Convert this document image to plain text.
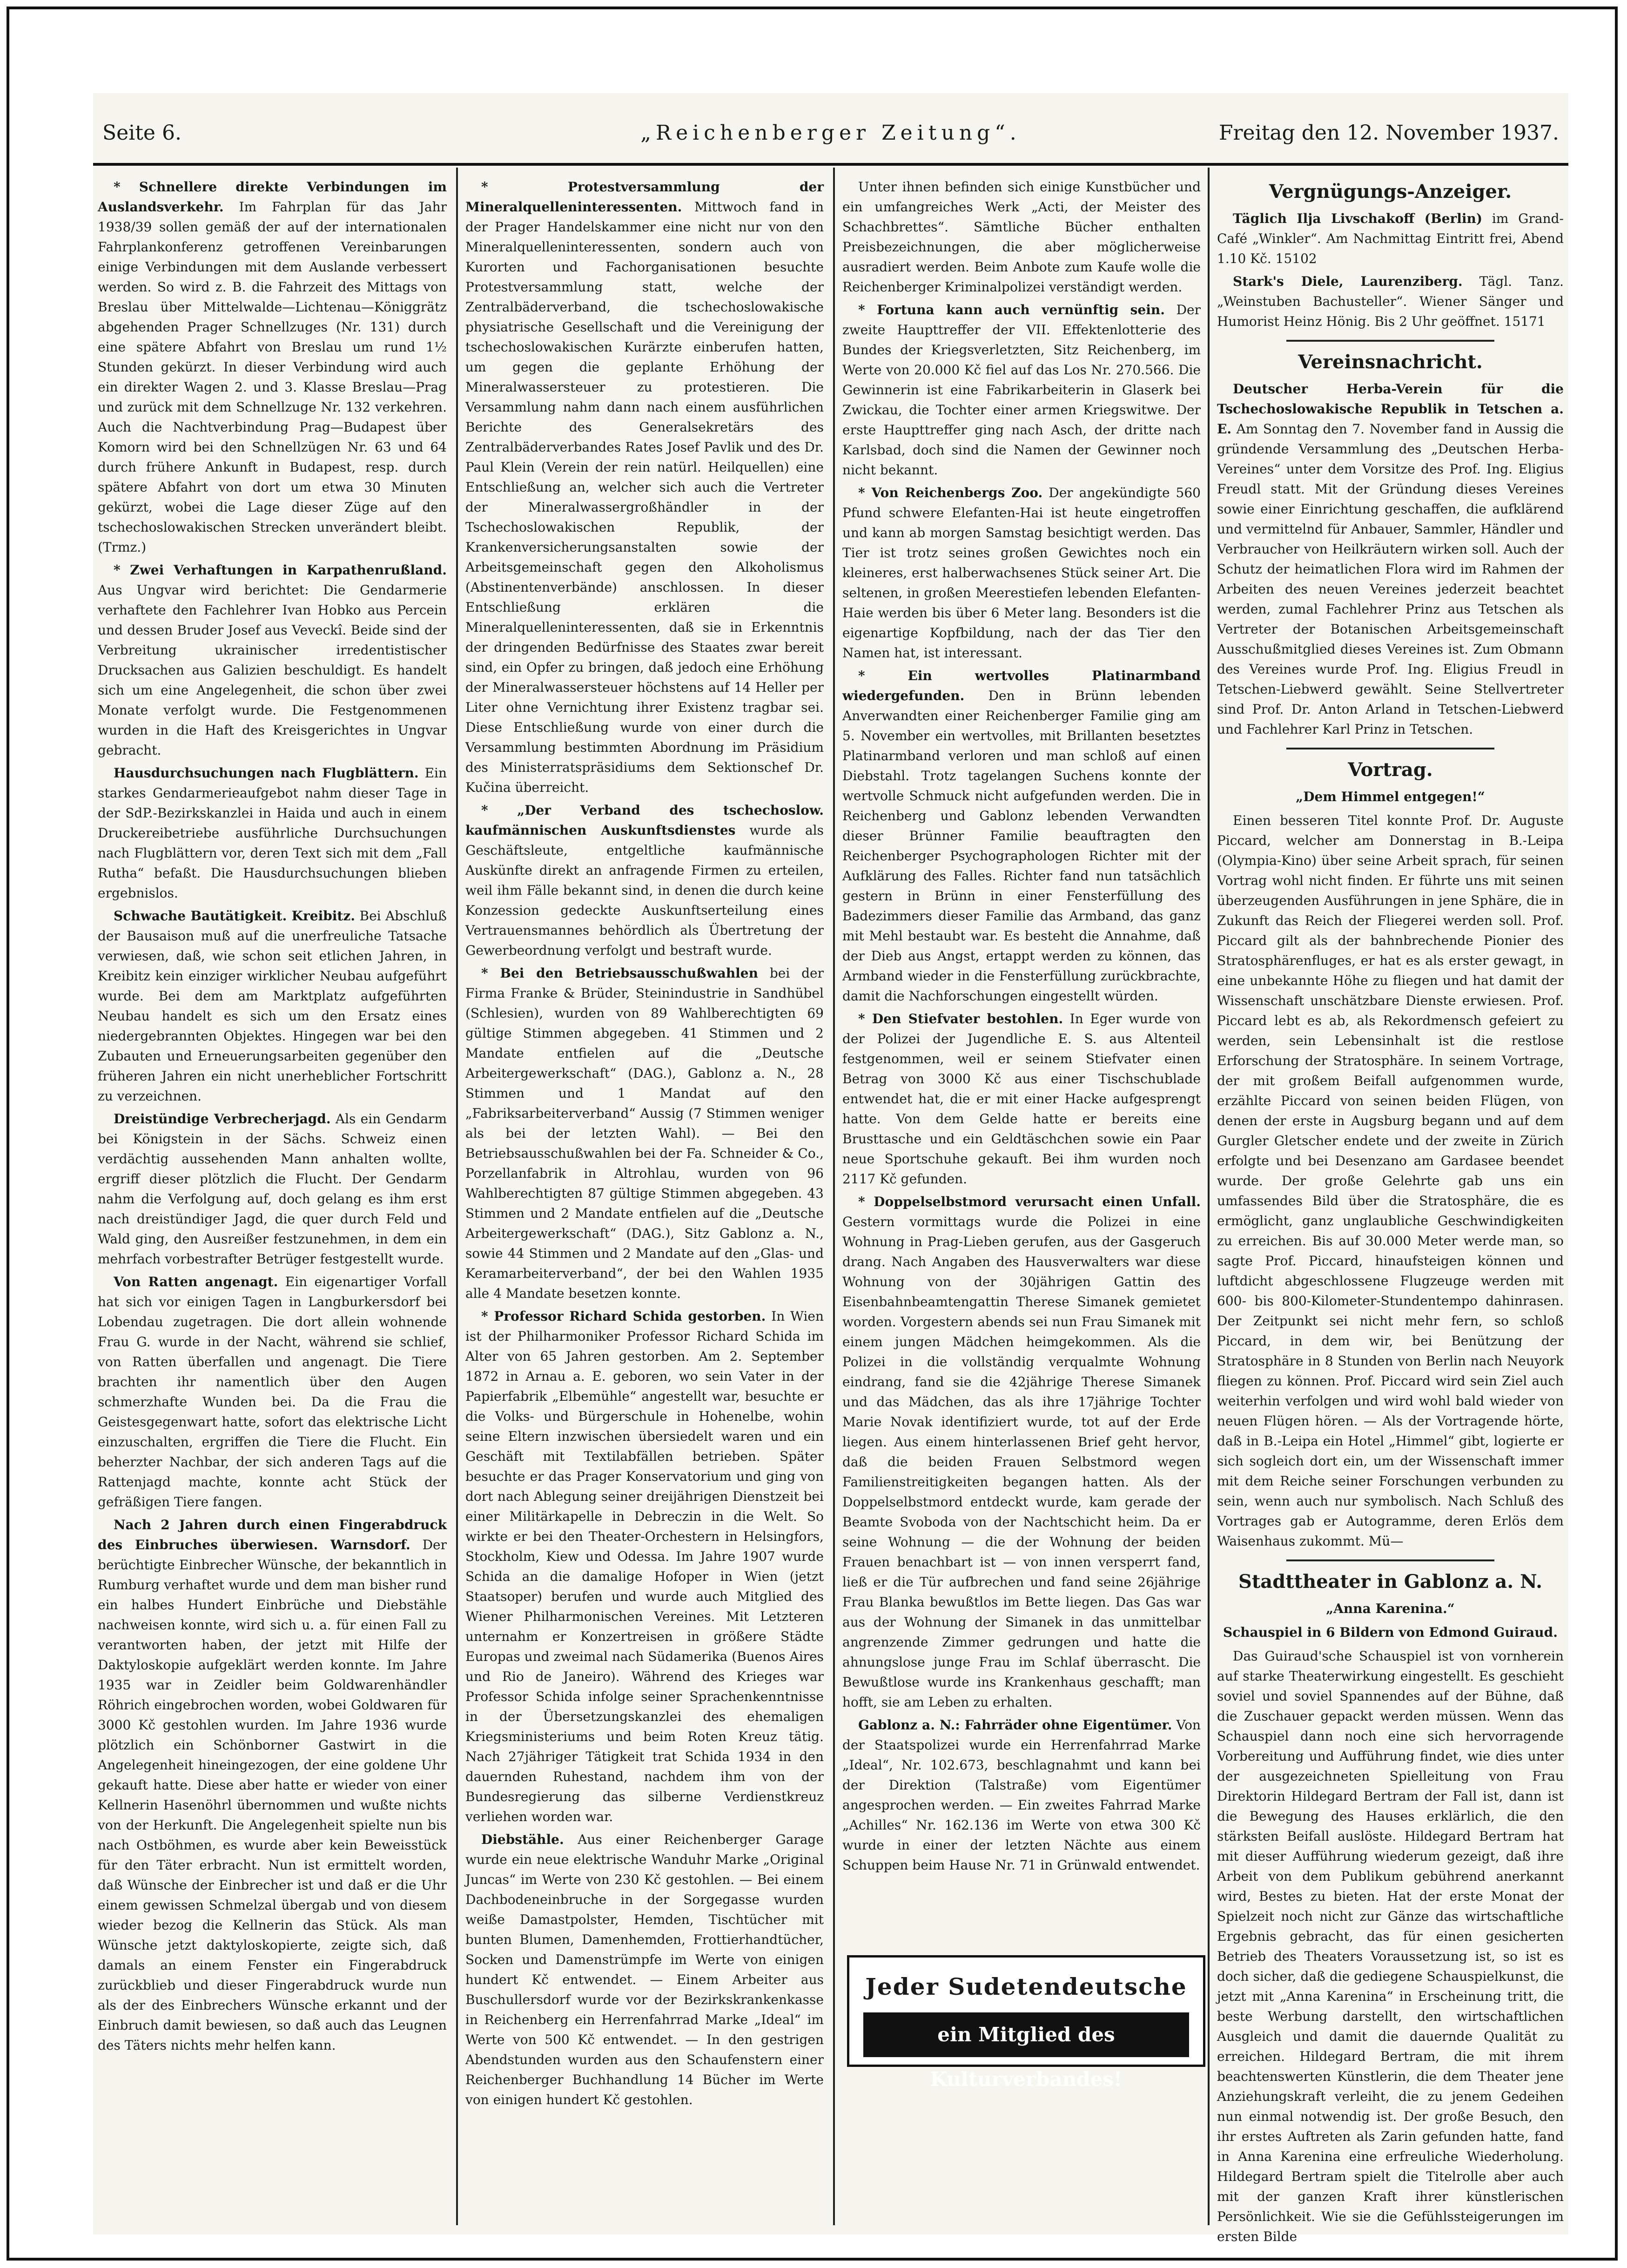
Seite 6.	„Reichenberger Zeitung“.	Freitag den 12. November 1937.

* Schnellere direkte Verbindungen im Auslandsverkehr. Im Fahrplan für das Jahr 1938/39 sollen gemäß der auf der internationalen Fahrplankonferenz getroffenen Vereinbarungen einige Verbindungen mit dem Auslande verbessert werden. So wird z. B. die Fahrzeit des Mittags von Breslau über Mittelwalde—Lichtenau—Königgrätz abgehenden Prager Schnellzuges (Nr. 131) durch eine spätere Abfahrt von Breslau um rund 1½ Stunden gekürzt. In dieser Verbindung wird auch ein direkter Wagen 2. und 3. Klasse Breslau—Prag und zurück mit dem Schnellzuge Nr. 132 verkehren. Auch die Nachtverbindung Prag—Budapest über Komorn wird bei den Schnellzügen Nr. 63 und 64 durch frühere Ankunft in Budapest, resp. durch spätere Abfahrt von dort um etwa 30 Minuten gekürzt, wobei die Lage dieser Züge auf den tschechoslowakischen Strecken unverändert bleibt. (Trmz.)

* Zwei Verhaftungen in Karpathenrußland. Aus Ungvar wird berichtet: Die Gendarmerie verhaftete den Fachlehrer Ivan Hobko aus Percein und dessen Bruder Josef aus Veveckî. Beide sind der Verbreitung ukrainischer irredentistischer Drucksachen aus Galizien beschuldigt. Es handelt sich um eine Angelegenheit, die schon über zwei Monate verfolgt wurde. Die Festgenommenen wurden in die Haft des Kreisgerichtes in Ungvar gebracht.

Hausdurchsuchungen nach Flugblättern. Ein starkes Gendarmerieaufgebot nahm dieser Tage in der SdP.-Bezirkskanzlei in Haida und auch in einem Druckereibetriebe ausführliche Durchsuchungen nach Flugblättern vor, deren Text sich mit dem „Fall Rutha“ befaßt. Die Hausdurchsuchungen blieben ergebnislos.

Schwache Bautätigkeit. Kreibitz. Bei Abschluß der Bausaison muß auf die unerfreuliche Tatsache verwiesen, daß, wie schon seit etlichen Jahren, in Kreibitz kein einziger wirklicher Neubau aufgeführt wurde. Bei dem am Marktplatz aufgeführten Neubau handelt es sich um den Ersatz eines niedergebrannten Objektes. Hingegen war bei den Zubauten und Erneuerungsarbeiten gegenüber den früheren Jahren ein nicht unerheblicher Fortschritt zu verzeichnen.

Dreistündige Verbrecherjagd. Als ein Gendarm bei Königstein in der Sächs. Schweiz einen verdächtig aussehenden Mann anhalten wollte, ergriff dieser plötzlich die Flucht. Der Gendarm nahm die Verfolgung auf, doch gelang es ihm erst nach dreistündiger Jagd, die quer durch Feld und Wald ging, den Ausreißer festzunehmen, in dem ein mehrfach vorbestrafter Betrüger festgestellt wurde.

Von Ratten angenagt. Ein eigenartiger Vorfall hat sich vor einigen Tagen in Langburkersdorf bei Lobendau zugetragen. Die dort allein wohnende Frau G. wurde in der Nacht, während sie schlief, von Ratten überfallen und angenagt. Die Tiere brachten ihr namentlich über den Augen schmerzhafte Wunden bei. Da die Frau die Geistesgegenwart hatte, sofort das elektrische Licht einzuschalten, ergriffen die Tiere die Flucht. Ein beherzter Nachbar, der sich anderen Tags auf die Rattenjagd machte, konnte acht Stück der gefräßigen Tiere fangen.

Nach 2 Jahren durch einen Fingerabdruck des Einbruches überwiesen. Warnsdorf. Der berüchtigte Einbrecher Wünsche, der bekanntlich in Rumburg verhaftet wurde und dem man bisher rund ein halbes Hundert Einbrüche und Diebstähle nachweisen konnte, wird sich u. a. für einen Fall zu verantworten haben, der jetzt mit Hilfe der Daktyloskopie aufgeklärt werden konnte. Im Jahre 1935 war in Zeidler beim Goldwarenhändler Röhrich eingebrochen worden, wobei Goldwaren für 3000 Kč gestohlen wurden. Im Jahre 1936 wurde plötzlich ein Schönborner Gastwirt in die Angelegenheit hineingezogen, der eine goldene Uhr gekauft hatte. Diese aber hatte er wieder von einer Kellnerin Hasenöhrl übernommen und wußte nichts von der Herkunft. Die Angelegenheit spielte nun bis nach Ostböhmen, es wurde aber kein Beweisstück für den Täter erbracht. Nun ist ermittelt worden, daß Wünsche der Einbrecher ist und daß er die Uhr einem gewissen Schmelzal übergab und von diesem wieder bezog die Kellnerin das Stück. Als man Wünsche jetzt daktyloskopierte, zeigte sich, daß damals an einem Fenster ein Fingerabdruck zurückblieb und dieser Fingerabdruck wurde nun als der des Einbrechers Wünsche erkannt und der Einbruch damit bewiesen, so daß auch das Leugnen des Täters nichts mehr helfen kann.

* Protestversammlung der Mineralquelleninteressenten. Mittwoch fand in der Prager Handelskammer eine nicht nur von den Mineralquelleninteressenten, sondern auch von Kurorten und Fachorganisationen besuchte Protestversammlung statt, welche der Zentralbäderverband, die tschechoslowakische physiatrische Gesellschaft und die Vereinigung der tschechoslowakischen Kurärzte einberufen hatten, um gegen die geplante Erhöhung der Mineralwassersteuer zu protestieren. Die Versammlung nahm dann nach einem ausführlichen Berichte des Generalsekretärs des Zentralbäderverbandes Rates Josef Pavlik und des Dr. Paul Klein (Verein der rein natürl. Heilquellen) eine Entschließung an, welcher sich auch die Vertreter der Mineralwassergroßhändler in der Tschechoslowakischen Republik, der Krankenversicherungsanstalten sowie der Arbeitsgemeinschaft gegen den Alkoholismus (Abstinentenverbände) anschlossen. In dieser Entschließung erklären die Mineralquelleninteressenten, daß sie in Erkenntnis der dringenden Bedürfnisse des Staates zwar bereit sind, ein Opfer zu bringen, daß jedoch eine Erhöhung der Mineralwassersteuer höchstens auf 14 Heller per Liter ohne Vernichtung ihrer Existenz tragbar sei. Diese Entschließung wurde von einer durch die Versammlung bestimmten Abordnung im Präsidium des Ministerratspräsidiums dem Sektionschef Dr. Kučina überreicht.

* „Der Verband des tschechoslow. kaufmännischen Auskunftsdienstes wurde als Geschäftsleute, entgeltliche kaufmännische Auskünfte direkt an anfragende Firmen zu erteilen, weil ihm Fälle bekannt sind, in denen die durch keine Konzession gedeckte Auskunftserteilung eines Vertrauensmannes behördlich als Übertretung der Gewerbeordnung verfolgt und bestraft wurde.

* Bei den Betriebsausschußwahlen bei der Firma Franke & Brüder, Steinindustrie in Sandhübel (Schlesien), wurden von 89 Wahlberechtigten 69 gültige Stimmen abgegeben. 41 Stimmen und 2 Mandate entfielen auf die „Deutsche Arbeitergewerkschaft“ (DAG.), Gablonz a. N., 28 Stimmen und 1 Mandat auf den „Fabriksarbeiterverband“ Aussig (7 Stimmen weniger als bei der letzten Wahl). — Bei den Betriebsausschußwahlen bei der Fa. Schneider & Co., Porzellanfabrik in Altrohlau, wurden von 96 Wahlberechtigten 87 gültige Stimmen abgegeben. 43 Stimmen und 2 Mandate entfielen auf die „Deutsche Arbeitergewerkschaft“ (DAG.), Sitz Gablonz a. N., sowie 44 Stimmen und 2 Mandate auf den „Glas- und Keramarbeiterverband“, der bei den Wahlen 1935 alle 4 Mandate besetzen konnte.

* Professor Richard Schida gestorben. In Wien ist der Philharmoniker Professor Richard Schida im Alter von 65 Jahren gestorben. Am 2. September 1872 in Arnau a. E. geboren, wo sein Vater in der Papierfabrik „Elbemühle“ angestellt war, besuchte er die Volks- und Bürgerschule in Hohenelbe, wohin seine Eltern inzwischen übersiedelt waren und ein Geschäft mit Textilabfällen betrieben. Später besuchte er das Prager Konservatorium und ging von dort nach Ablegung seiner dreijährigen Dienstzeit bei einer Militärkapelle in Debreczin in die Welt. So wirkte er bei den Theater-Orchestern in Helsingfors, Stockholm, Kiew und Odessa. Im Jahre 1907 wurde Schida an die damalige Hofoper in Wien (jetzt Staatsoper) berufen und wurde auch Mitglied des Wiener Philharmonischen Vereines. Mit Letzteren unternahm er Konzertreisen in größere Städte Europas und zweimal nach Südamerika (Buenos Aires und Rio de Janeiro). Während des Krieges war Professor Schida infolge seiner Sprachenkenntnisse in der Übersetzungskanzlei des ehemaligen Kriegsministeriums und beim Roten Kreuz tätig. Nach 27jähriger Tätigkeit trat Schida 1934 in den dauernden Ruhestand, nachdem ihm von der Bundesregierung das silberne Verdienstkreuz verliehen worden war.

Diebstähle. Aus einer Reichenberger Garage wurde ein neue elektrische Wanduhr Marke „Original Juncas“ im Werte von 230 Kč gestohlen. — Bei einem Dachbodeneinbruche in der Sorgegasse wurden weiße Damastpolster, Hemden, Tischtücher mit bunten Blumen, Damenhemden, Frottierhandtücher, Socken und Damenstrümpfe im Werte von einigen hundert Kč entwendet. — Einem Arbeiter aus Buschullersdorf wurde vor der Bezirkskrankenkasse in Reichenberg ein Herrenfahrrad Marke „Ideal“ im Werte von 500 Kč entwendet. — In den gestrigen Abendstunden wurden aus den Schaufenstern einer Reichenberger Buchhandlung 14 Bücher im Werte von einigen hundert Kč gestohlen.

Unter ihnen befinden sich einige Kunstbücher und ein umfangreiches Werk „Acti, der Meister des Schachbrettes“. Sämtliche Bücher enthalten Preisbezeichnungen, die aber möglicherweise ausradiert werden. Beim Anbote zum Kaufe wolle die Reichenberger Kriminalpolizei verständigt werden.

* Fortuna kann auch vernünftig sein. Der zweite Haupttreffer der VII. Effektenlotterie des Bundes der Kriegsverletzten, Sitz Reichenberg, im Werte von 20.000 Kč fiel auf das Los Nr. 270.566. Die Gewinnerin ist eine Fabrikarbeiterin in Glaserk bei Zwickau, die Tochter einer armen Kriegswitwe. Der erste Haupttreffer ging nach Asch, der dritte nach Karlsbad, doch sind die Namen der Gewinner noch nicht bekannt.

* Von Reichenbergs Zoo. Der angekündigte 560 Pfund schwere Elefanten-Hai ist heute eingetroffen und kann ab morgen Samstag besichtigt werden. Das Tier ist trotz seines großen Gewichtes noch ein kleineres, erst halberwachsenes Stück seiner Art. Die seltenen, in großen Meerestiefen lebenden Elefanten-Haie werden bis über 6 Meter lang. Besonders ist die eigenartige Kopfbildung, nach der das Tier den Namen hat, ist interessant.

* Ein wertvolles Platinarmband wiedergefunden. Den in Brünn lebenden Anverwandten einer Reichenberger Familie ging am 5. November ein wertvolles, mit Brillanten besetztes Platinarmband verloren und man schloß auf einen Diebstahl. Trotz tagelangen Suchens konnte der wertvolle Schmuck nicht aufgefunden werden. Die in Reichenberg und Gablonz lebenden Verwandten dieser Brünner Familie beauftragten den Reichenberger Psychographologen Richter mit der Aufklärung des Falles. Richter fand nun tatsächlich gestern in Brünn in einer Fensterfüllung des Badezimmers dieser Familie das Armband, das ganz mit Mehl bestaubt war. Es besteht die Annahme, daß der Dieb aus Angst, ertappt werden zu können, das Armband wieder in die Fensterfüllung zurückbrachte, damit die Nachforschungen eingestellt würden.

* Den Stiefvater bestohlen. In Eger wurde von der Polizei der Jugendliche E. S. aus Altenteil festgenommen, weil er seinem Stiefvater einen Betrag von 3000 Kč aus einer Tischschublade entwendet hat, die er mit einer Hacke aufgesprengt hatte. Von dem Gelde hatte er bereits eine Brusttasche und ein Geldtäschchen sowie ein Paar neue Sportschuhe gekauft. Bei ihm wurden noch 2117 Kč gefunden.

* Doppelselbstmord verursacht einen Unfall. Gestern vormittags wurde die Polizei in eine Wohnung in Prag-Lieben gerufen, aus der Gasgeruch drang. Nach Angaben des Hausverwalters war diese Wohnung von der 30jährigen Gattin des Eisenbahnbeamtengattin Therese Simanek gemietet worden. Vorgestern abends sei nun Frau Simanek mit einem jungen Mädchen heimgekommen. Als die Polizei in die vollständig verqualmte Wohnung eindrang, fand sie die 42jährige Therese Simanek und das Mädchen, das als ihre 17jährige Tochter Marie Novak identifiziert wurde, tot auf der Erde liegen. Aus einem hinterlassenen Brief geht hervor, daß die beiden Frauen Selbstmord wegen Familienstreitigkeiten begangen hatten. Als der Doppelselbstmord entdeckt wurde, kam gerade der Beamte Svoboda von der Nachtschicht heim. Da er seine Wohnung — die der Wohnung der beiden Frauen benachbart ist — von innen versperrt fand, ließ er die Tür aufbrechen und fand seine 26jährige Frau Blanka bewußtlos im Bette liegen. Das Gas war aus der Wohnung der Simanek in das unmittelbar angrenzende Zimmer gedrungen und hatte die ahnungslose junge Frau im Schlaf überrascht. Die Bewußtlose wurde ins Krankenhaus geschafft; man hofft, sie am Leben zu erhalten.

Gablonz a. N.: Fahrräder ohne Eigentümer. Von der Staatspolizei wurde ein Herrenfahrrad Marke „Ideal“, Nr. 102.673, beschlagnahmt und kann bei der Direktion (Talstraße) vom Eigentümer angesprochen werden. — Ein zweites Fahrrad Marke „Achilles“ Nr. 162.136 im Werte von etwa 300 Kč wurde in einer der letzten Nächte aus einem Schuppen beim Hause Nr. 71 in Grünwald entwendet.

Jeder Sudetendeutsche
ein Mitglied des Kulturverbandes!
Vergnügungs-Anzeiger.

Täglich Ilja Livschakoff (Berlin) im Grand-Café „Winkler“. Am Nachmittag Eintritt frei, Abend 1.10 Kč. 15102

Stark's Diele, Laurenziberg. Tägl. Tanz. „Weinstuben Bachusteller“. Wiener Sänger und Humorist Heinz Hönig. Bis 2 Uhr geöffnet. 15171

Vereinsnachricht.

Deutscher Herba-Verein für die Tschechoslowakische Republik in Tetschen a. E. Am Sonntag den 7. November fand in Aussig die gründende Versammlung des „Deutschen Herba-Vereines“ unter dem Vorsitze des Prof. Ing. Eligius Freudl statt. Mit der Gründung dieses Vereines sowie einer Einrichtung geschaffen, die aufklärend und vermittelnd für Anbauer, Sammler, Händler und Verbraucher von Heilkräutern wirken soll. Auch der Schutz der heimatlichen Flora wird im Rahmen der Arbeiten des neuen Vereines jederzeit beachtet werden, zumal Fachlehrer Prinz aus Tetschen als Vertreter der Botanischen Arbeitsgemeinschaft Ausschußmitglied dieses Vereines ist. Zum Obmann des Vereines wurde Prof. Ing. Eligius Freudl in Tetschen-Liebwerd gewählt. Seine Stellvertreter sind Prof. Dr. Anton Arland in Tetschen-Liebwerd und Fachlehrer Karl Prinz in Tetschen.

Vortrag.
„Dem Himmel entgegen!“

Einen besseren Titel konnte Prof. Dr. Auguste Piccard, welcher am Donnerstag in B.-Leipa (Olympia-Kino) über seine Arbeit sprach, für seinen Vortrag wohl nicht finden. Er führte uns mit seinen überzeugenden Ausführungen in jene Sphäre, die in Zukunft das Reich der Fliegerei werden soll. Prof. Piccard gilt als der bahnbrechende Pionier des Stratosphärenfluges, er hat es als erster gewagt, in eine unbekannte Höhe zu fliegen und hat damit der Wissenschaft unschätzbare Dienste erwiesen. Prof. Piccard lebt es ab, als Rekordmensch gefeiert zu werden, sein Lebensinhalt ist die restlose Erforschung der Stratosphäre. In seinem Vortrage, der mit großem Beifall aufgenommen wurde, erzählte Piccard von seinen beiden Flügen, von denen der erste in Augsburg begann und auf dem Gurgler Gletscher endete und der zweite in Zürich erfolgte und bei Desenzano am Gardasee beendet wurde. Der große Gelehrte gab uns ein umfassendes Bild über die Stratosphäre, die es ermöglicht, ganz unglaubliche Geschwindigkeiten zu erreichen. Bis auf 30.000 Meter werde man, so sagte Prof. Piccard, hinaufsteigen können und luftdicht abgeschlossene Flugzeuge werden mit 600- bis 800-Kilometer-Stundentempo dahinrasen. Der Zeitpunkt sei nicht mehr fern, so schloß Piccard, in dem wir, bei Benützung der Stratosphäre in 8 Stunden von Berlin nach Neuyork fliegen zu können. Prof. Piccard wird sein Ziel auch weiterhin verfolgen und wird wohl bald wieder von neuen Flügen hören. — Als der Vortragende hörte, daß in B.-Leipa ein Hotel „Himmel“ gibt, logierte er sich sogleich dort ein, um der Wissenschaft immer mit dem Reiche seiner Forschungen verbunden zu sein, wenn auch nur symbolisch. Nach Schluß des Vortrages gab er Autogramme, deren Erlös dem Waisenhaus zukommt. Mü—

Stadttheater in Gablonz a. N.
„Anna Karenina.“
Schauspiel in 6 Bildern von Edmond Guiraud.

Das Guiraud'sche Schauspiel ist von vornherein auf starke Theaterwirkung eingestellt. Es geschieht soviel und soviel Spannendes auf der Bühne, daß die Zuschauer gepackt werden müssen. Wenn das Schauspiel dann noch eine sich hervorragende Vorbereitung und Aufführung findet, wie dies unter der ausgezeichneten Spielleitung von Frau Direktorin Hildegard Bertram der Fall ist, dann ist die Bewegung des Hauses erklärlich, die den stärksten Beifall auslöste. Hildegard Bertram hat mit dieser Aufführung wiederum gezeigt, daß ihre Arbeit von dem Publikum gebührend anerkannt wird, Bestes zu bieten. Hat der erste Monat der Spielzeit noch nicht zur Gänze das wirtschaftliche Ergebnis gebracht, das für einen gesicherten Betrieb des Theaters Voraussetzung ist, so ist es doch sicher, daß die gediegene Schauspielkunst, die jetzt mit „Anna Karenina“ in Erscheinung tritt, die beste Werbung darstellt, den wirtschaftlichen Ausgleich und damit die dauernde Qualität zu erreichen. Hildegard Bertram, die mit ihrem beachtenswerten Künstlerin, die dem Theater jene Anziehungskraft verleiht, die zu jenem Gedeihen nun einmal notwendig ist. Der große Besuch, den ihr erstes Auftreten als Zarin gefunden hatte, fand in Anna Karenina eine erfreuliche Wiederholung. Hildegard Bertram spielt die Titelrolle aber auch mit der ganzen Kraft ihrer künstlerischen Persönlichkeit. Wie sie die Gefühlssteigerungen im ersten Bilde
